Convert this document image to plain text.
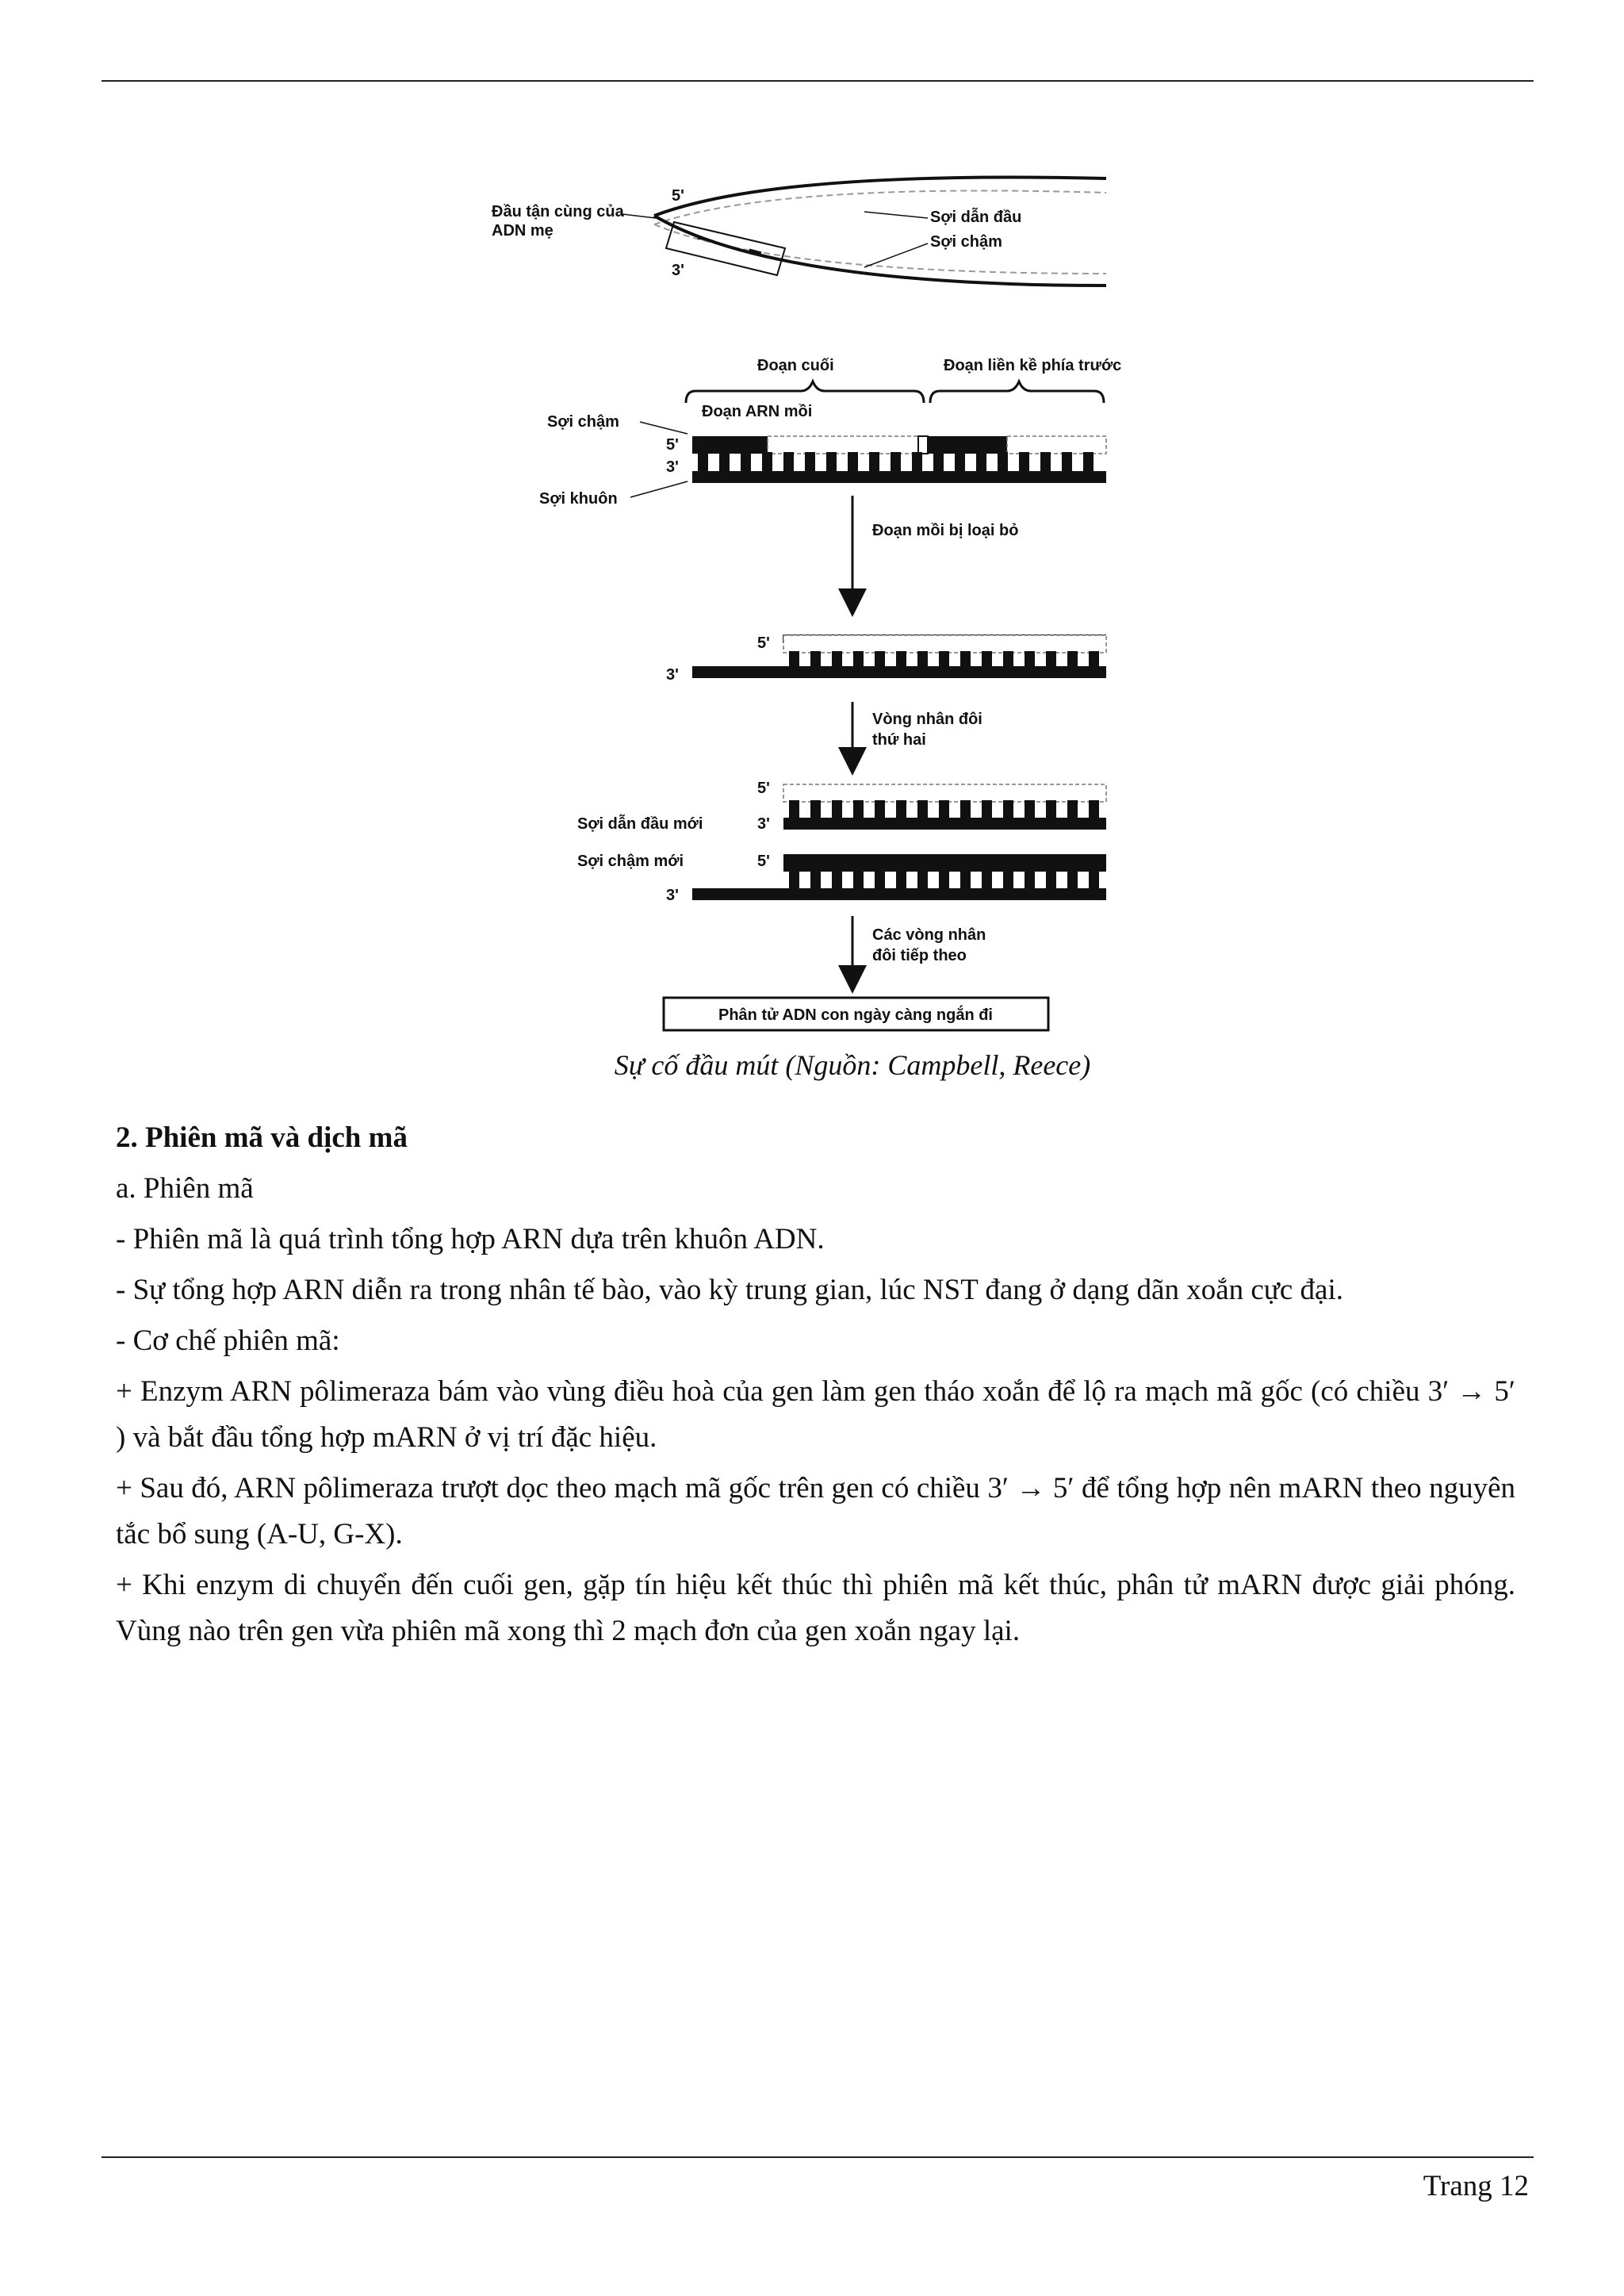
Đầu tận cùng của
ADN mẹ
5'
3'
Sợi dẫn đầu
Sợi chậm
Đoạn cuối	Đoạn liền kề phía trước
Đoạn ARN mồi
5'
3'
Sợi chậm
Sợi khuôn
Đoạn mồi bị loại bỏ
5'
3'
Vòng nhân đôi
thứ hai
5'
3'
Sợi dẫn đầu mới
5'
3'
Sợi chậm mới
Các vòng nhân
đôi tiếp theo
Phân tử ADN con ngày càng ngắn đi
Sự cố đầu mút (Nguồn: Campbell, Reece)

2. Phiên mã và dịch mã

a. Phiên mã

- Phiên mã là quá trình tổng hợp ARN dựa trên khuôn ADN.

- Sự tổng hợp ARN diễn ra trong nhân tế bào, vào kỳ trung gian, lúc NST đang ở dạng dãn xoắn cực đại.

- Cơ chế phiên mã:

+ Enzym ARN pôlimeraza bám vào vùng điều hoà của gen làm gen tháo xoắn để lộ ra mạch mã gốc (có chiều 3′ → 5′ ) và bắt đầu tổng hợp mARN ở vị trí đặc hiệu.

+ Sau đó, ARN pôlimeraza trượt dọc theo mạch mã gốc trên gen có chiều 3′ → 5′ để tổng hợp nên mARN theo nguyên tắc bổ sung (A-U, G-X).

+ Khi enzym di chuyển đến cuối gen, gặp tín hiệu kết thúc thì phiên mã kết thúc, phân tử mARN được giải phóng. Vùng nào trên gen vừa phiên mã xong thì 2 mạch đơn của gen xoắn ngay lại.

Trang 12
